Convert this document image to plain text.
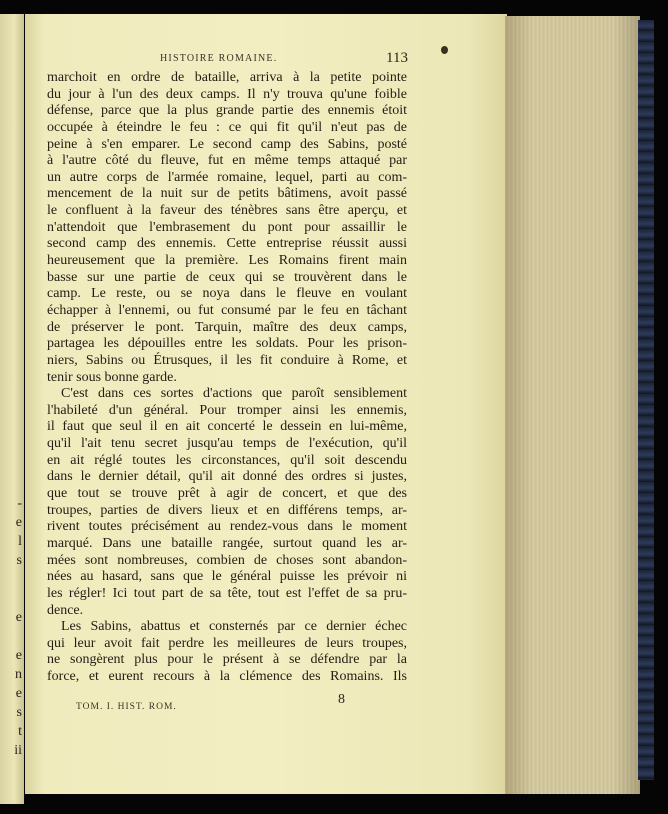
-
e
l
s
e
e
n
e
s
t
ii
HISTOIRE ROMAINE.	113
marchoit en ordre de bataille, arriva à la petite pointe
du jour à l'un des deux camps. Il n'y trouva qu'une foible
défense, parce que la plus grande partie des ennemis étoit
occupée à éteindre le feu : ce qui fit qu'il n'eut pas de
peine à s'en emparer. Le second camp des Sabins, posté
à l'autre côté du fleuve, fut en même temps attaqué par
un autre corps de l'armée romaine, lequel, parti au com-
mencement de la nuit sur de petits bâtimens, avoit passé
le confluent à la faveur des ténèbres sans être aperçu, et
n'attendoit que l'embrasement du pont pour assaillir le
second camp des ennemis. Cette entreprise réussit aussi
heureusement que la première. Les Romains firent main
basse sur une partie de ceux qui se trouvèrent dans le
camp. Le reste, ou se noya dans le fleuve en voulant
échapper à l'ennemi, ou fut consumé par le feu en tâchant
de préserver le pont. Tarquin, maître des deux camps,
partagea les dépouilles entre les soldats. Pour les prison-
niers, Sabins ou Étrusques, il les fit conduire à Rome, et
tenir sous bonne garde.
C'est dans ces sortes d'actions que paroît sensiblement
l'habileté d'un général. Pour tromper ainsi les ennemis,
il faut que seul il en ait concerté le dessein en lui-même,
qu'il l'ait tenu secret jusqu'au temps de l'exécution, qu'il
en ait réglé toutes les circonstances, qu'il soit descendu
dans le dernier détail, qu'il ait donné des ordres si justes,
que tout se trouve prêt à agir de concert, et que des
troupes, parties de divers lieux et en différens temps, ar-
rivent toutes précisément au rendez-vous dans le moment
marqué. Dans une bataille rangée, surtout quand les ar-
mées sont nombreuses, combien de choses sont abandon-
nées au hasard, sans que le général puisse les prévoir ni
les régler! Ici tout part de sa tête, tout est l'effet de sa pru-
dence.
Les Sabins, abattus et consternés par ce dernier échec
qui leur avoit fait perdre les meilleures de leurs troupes,
ne songèrent plus pour le présent à se défendre par la
force, et eurent recours à la clémence des Romains. Ils
TOM. I. HIST. ROM.	8
